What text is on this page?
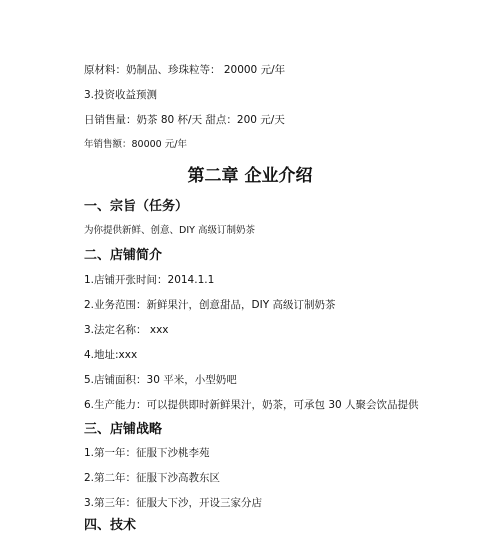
原材料：奶制品、珍珠粒等： 20000 元/年
3.投资收益预测
日销售量：奶茶 80 杯/天 甜点：200 元/天
年销售额：80000 元/年
第二章 企业介绍
一、宗旨（任务）
为你提供新鲜、创意、DIY 高级订制奶茶
二、店铺简介
1.店铺开张时间：2014.1.1
2.业务范围：新鲜果汁，创意甜品，DIY 高级订制奶茶
3.法定名称： xxx
4.地址:xxx
5.店铺面积：30 平米，小型奶吧
6.生产能力：可以提供即时新鲜果汁，奶茶，可承包 30 人聚会饮品提供
三、店铺战略
1.第一年：征服下沙桃李苑
2.第二年：征服下沙高教东区
3.第三年：征服大下沙，开设三家分店
四、技术
